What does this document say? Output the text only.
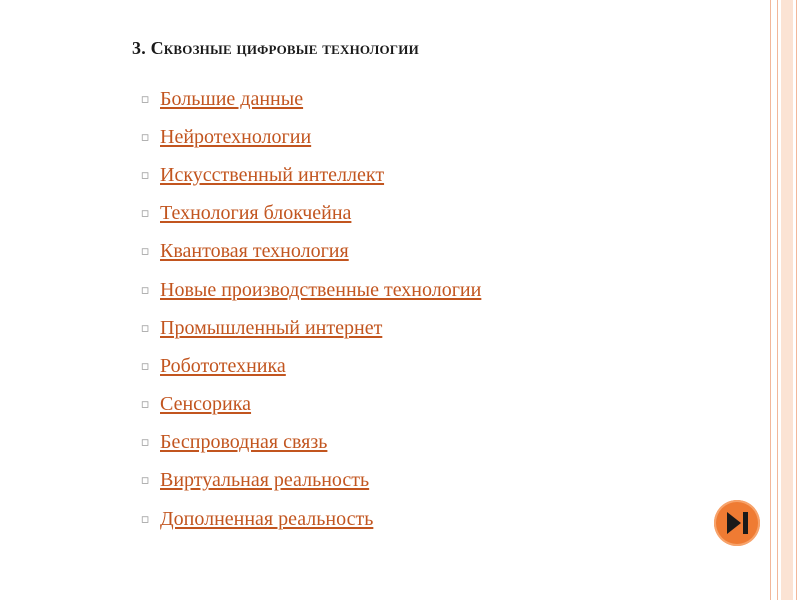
3. Сквозные цифровые технологии
▫ Большие данные
▫ Нейротехнологии
▫ Искусственный интеллект
▫ Технология блокчейна
▫ Квантовая технология
▫ Новые производственные технологии
▫ Промышленный интернет
▫ Робототехника
▫ Сенсорика
▫ Беспроводная связь
▫ Виртуальная реальность
▫ Дополненная реальность
